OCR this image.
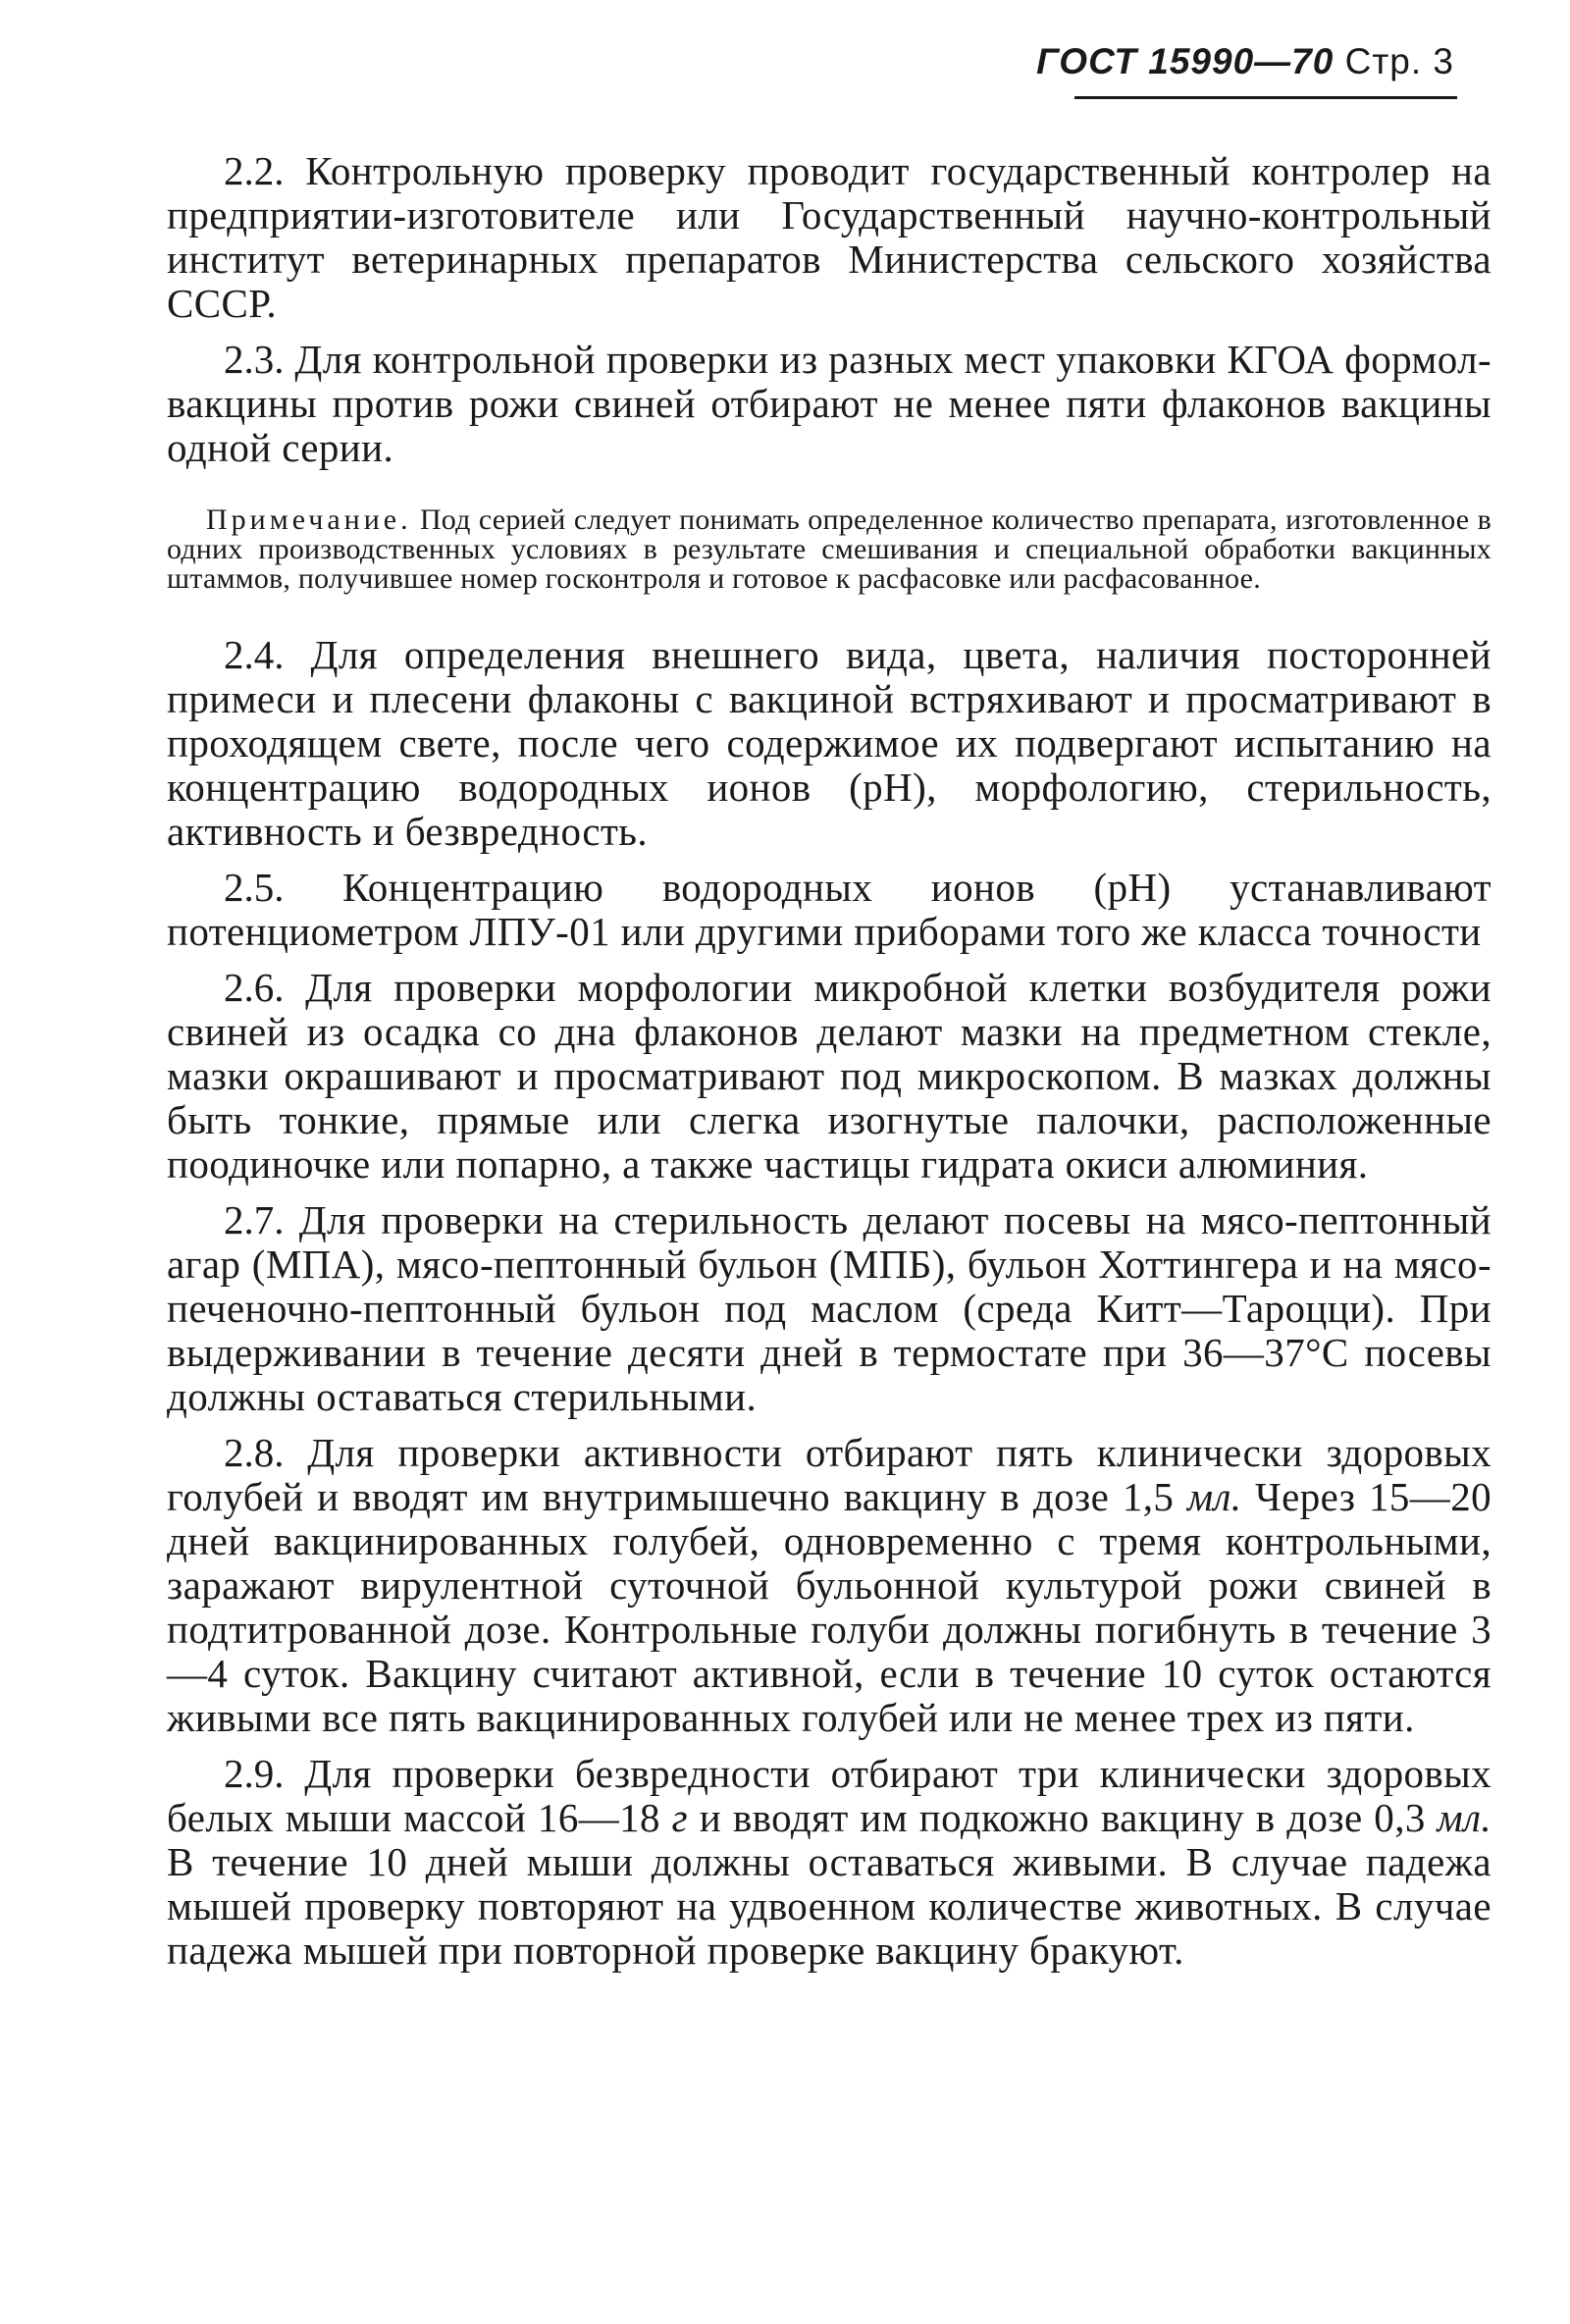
ГОСТ 15990—70 Стр. 3

2.2. Контрольную проверку проводит государственный контролер на предприятии-изготовителе или Государственный научно-контрольный институт ветеринарных препаратов Министерства сельского хозяйства СССР.

2.3. Для контрольной проверки из разных мест упаковки КГОА формол-вакцины против рожи свиней отбирают не менее пяти флаконов вакцины одной серии.

Примечание. Под серией следует понимать определенное количество препарата, изготовленное в одних производственных условиях в результате смешивания и специальной обработки вакцинных штаммов, получившее номер госконтроля и готовое к расфасовке или расфасованное.

2.4. Для определения внешнего вида, цвета, наличия посторонней примеси и плесени флаконы с вакциной встряхивают и просматривают в проходящем свете, после чего содержимое их подвергают испытанию на концентрацию водородных ионов (pH), морфологию, стерильность, активность и безвредность.

2.5. Концентрацию водородных ионов (pH) устанавливают потенциометром ЛПУ-01 или другими приборами того же класса точности

2.6. Для проверки морфологии микробной клетки возбудителя рожи свиней из осадка со дна флаконов делают мазки на предметном стекле, мазки окрашивают и просматривают под микроскопом. В мазках должны быть тонкие, прямые или слегка изогнутые палочки, расположенные поодиночке или попарно, а также частицы гидрата окиси алюминия.

2.7. Для проверки на стерильность делают посевы на мясо-пептонный агар (МПА), мясо-пептонный бульон (МПБ), бульон Хоттингера и на мясо-печеночно-пептонный бульон под маслом (среда Китт—Тароцци). При выдерживании в течение десяти дней в термостате при 36—37°С посевы должны оставаться стерильными.

2.8. Для проверки активности отбирают пять клинически здоровых голубей и вводят им внутримышечно вакцину в дозе 1,5 мл. Через 15—20 дней вакцинированных голубей, одновременно с тремя контрольными, заражают вирулентной суточной бульонной культурой рожи свиней в подтитрованной дозе. Контрольные голуби должны погибнуть в течение 3—4 суток. Вакцину считают активной, если в течение 10 суток остаются живыми все пять вакцинированных голубей или не менее трех из пяти.

2.9. Для проверки безвредности отбирают три клинически здоровых белых мыши массой 16—18 г и вводят им подкожно вакцину в дозе 0,3 мл. В течение 10 дней мыши должны оставаться живыми. В случае падежа мышей проверку повторяют на удвоенном количестве животных. В случае падежа мышей при повторной проверке вакцину бракуют.
